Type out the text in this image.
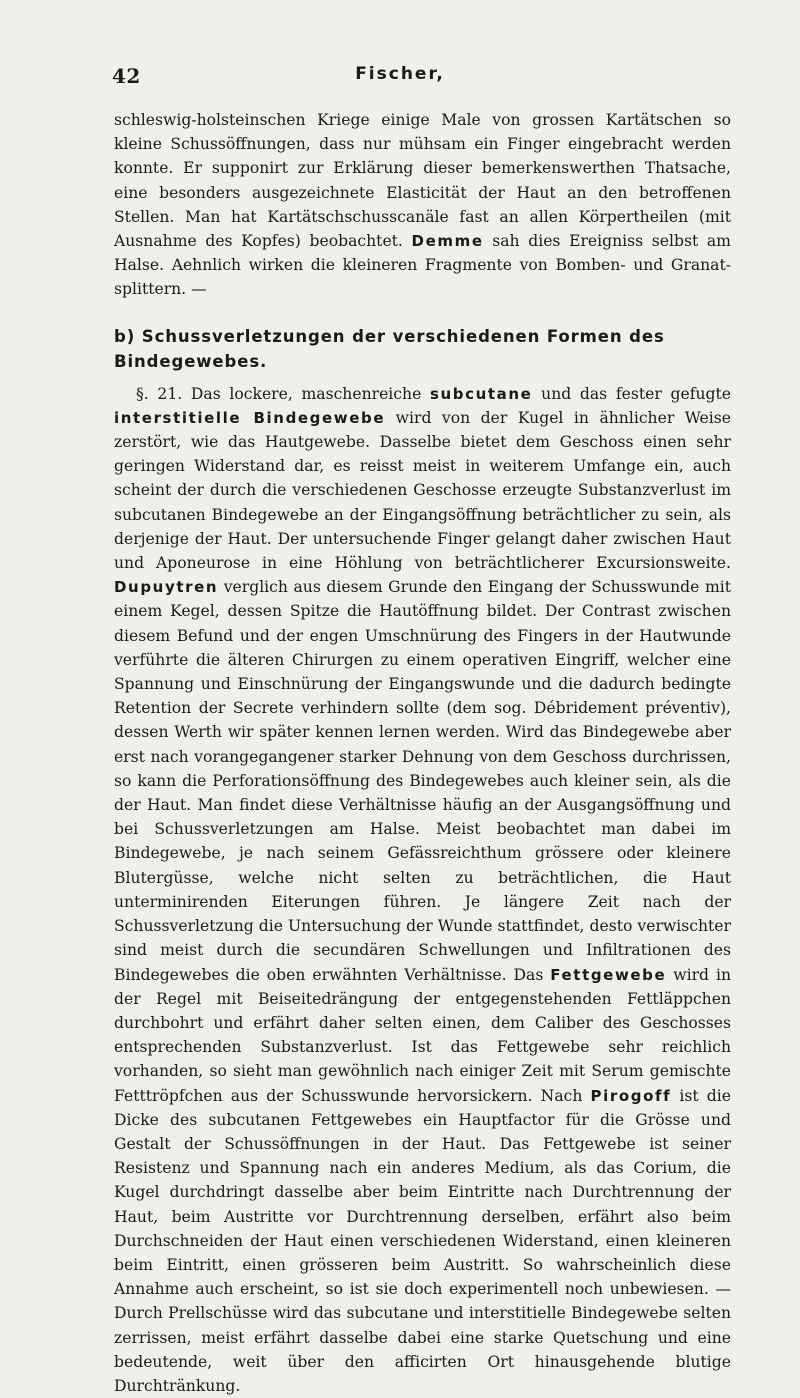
42	Fischer,

schleswig-holsteinschen Kriege einige Male von grossen Kartätschen so kleine Schussöffnungen, dass nur mühsam ein Finger eingebracht werden konnte. Er supponirt zur Erklärung dieser bemerkenswerthen Thatsache, eine besonders ausgezeichnete Elasticität der Haut an den betroffenen Stellen. Man hat Kartätschschusscanäle fast an allen Körpertheilen (mit Ausnahme des Kopfes) beobachtet. Demme sah dies Ereigniss selbst am Halse. Aehnlich wirken die kleineren Fragmente von Bomben- und Granat-splittern. —

b) Schussverletzungen der verschiedenen Formen des Bindegewebes.

§. 21. Das lockere, maschenreiche subcutane und das fester gefugte interstitielle Bindegewebe wird von der Kugel in ähnlicher Weise zerstört, wie das Hautgewebe. Dasselbe bietet dem Geschoss einen sehr geringen Widerstand dar, es reisst meist in weiterem Umfange ein, auch scheint der durch die verschiedenen Geschosse erzeugte Substanzverlust im subcutanen Bindegewebe an der Eingangsöffnung beträchtlicher zu sein, als derjenige der Haut. Der untersuchende Finger gelangt daher zwischen Haut und Aponeurose in eine Höhlung von beträchtlicherer Excursionsweite. Dupuytren verglich aus diesem Grunde den Eingang der Schusswunde mit einem Kegel, dessen Spitze die Hautöffnung bildet. Der Contrast zwischen diesem Befund und der engen Umschnürung des Fingers in der Hautwunde verführte die älteren Chirurgen zu einem operativen Eingriff, welcher eine Spannung und Einschnürung der Eingangswunde und die dadurch bedingte Retention der Secrete verhindern sollte (dem sog. Débridement préventiv), dessen Werth wir später kennen lernen werden. Wird das Bindegewebe aber erst nach vorangegangener starker Dehnung von dem Geschoss durchrissen, so kann die Perforationsöffnung des Bindegewebes auch kleiner sein, als die der Haut. Man findet diese Verhältnisse häufig an der Ausgangsöffnung und bei Schussverletzungen am Halse. Meist beobachtet man dabei im Bindegewebe, je nach seinem Gefässreichthum grössere oder kleinere Blutergüsse, welche nicht selten zu beträchtlichen, die Haut unterminirenden Eiterungen führen. Je längere Zeit nach der Schussverletzung die Untersuchung der Wunde stattfindet, desto verwischter sind meist durch die secundären Schwellungen und Infiltrationen des Bindegewebes die oben erwähnten Verhältnisse. Das Fettgewebe wird in der Regel mit Beiseitedrängung der entgegenstehenden Fettläppchen durchbohrt und erfährt daher selten einen, dem Caliber des Geschosses entsprechenden Substanzverlust. Ist das Fettgewebe sehr reichlich vorhanden, so sieht man gewöhnlich nach einiger Zeit mit Serum gemischte Fetttröpfchen aus der Schusswunde hervorsickern. Nach Pirogoff ist die Dicke des subcutanen Fettgewebes ein Hauptfactor für die Grösse und Gestalt der Schussöffnungen in der Haut. Das Fettgewebe ist seiner Resistenz und Spannung nach ein anderes Medium, als das Corium, die Kugel durchdringt dasselbe aber beim Eintritte nach Durchtrennung der Haut, beim Austritte vor Durchtrennung derselben, erfährt also beim Durchschneiden der Haut einen verschiedenen Widerstand, einen kleineren beim Eintritt, einen grösseren beim Austritt. So wahrscheinlich diese Annahme auch erscheint, so ist sie doch experimentell noch unbewiesen. — Durch Prellschüsse wird das subcutane und interstitielle Bindegewebe selten zerrissen, meist erfährt dasselbe dabei eine starke Quetschung und eine bedeutende, weit über den afficirten Ort hinausgehende blutige Durchtränkung.
